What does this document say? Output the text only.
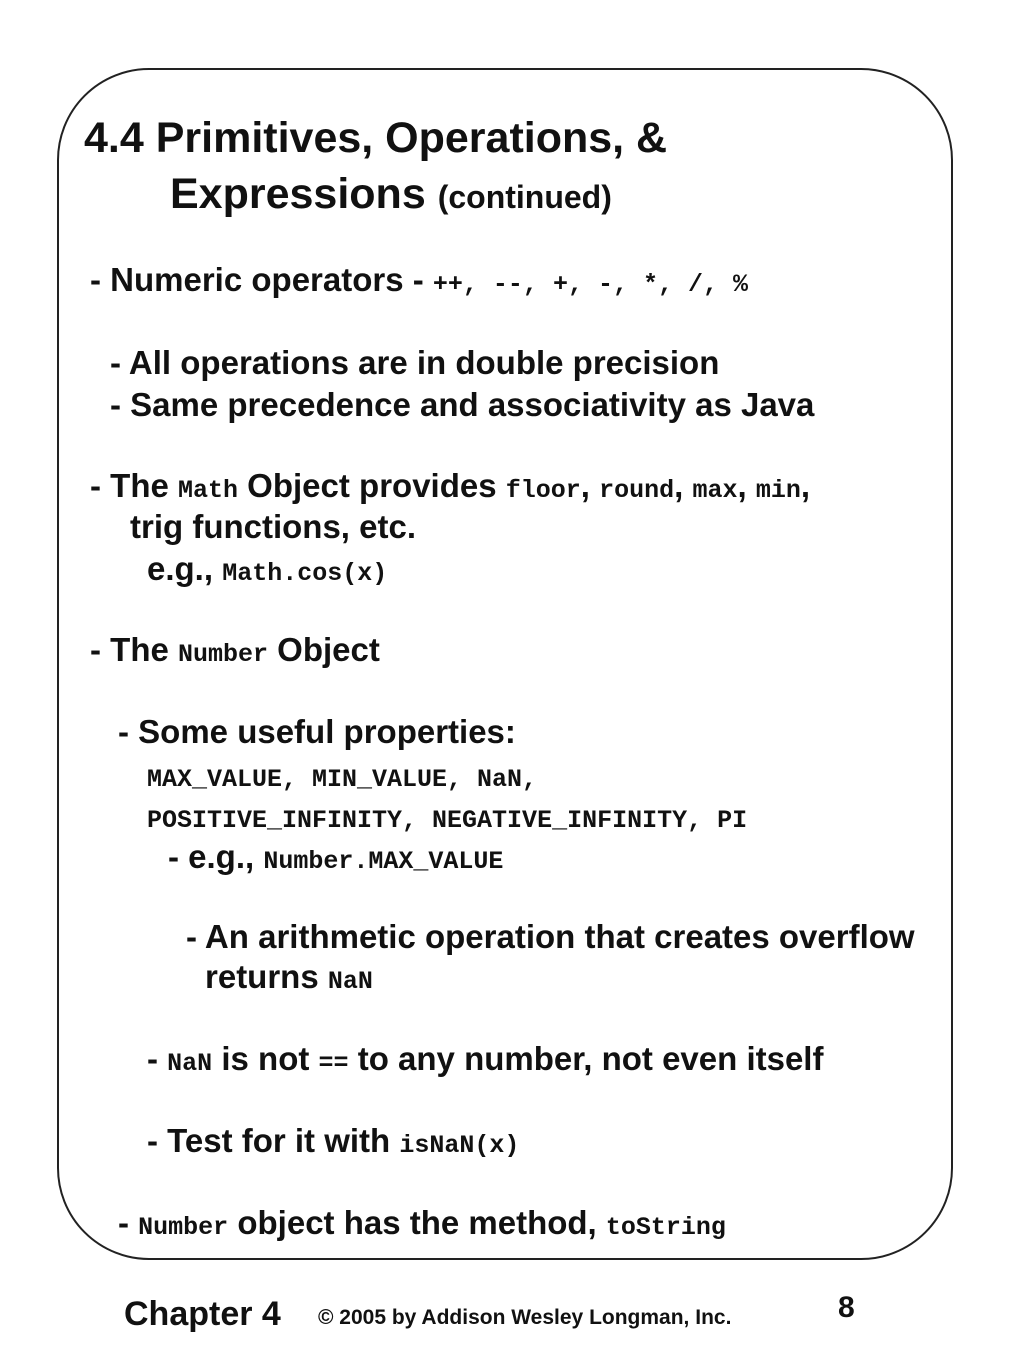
4.4 Primitives, Operations, &
Expressions (continued)
- Numeric operators - ++, --, +, -, *, /, %
- All operations are in double precision
- Same precedence and associativity as Java
- The Math Object provides floor, round, max, min,
trig functions, etc.
e.g., Math.cos(x)
- The Number Object
- Some useful properties:
MAX_VALUE, MIN_VALUE, NaN,
POSITIVE_INFINITY, NEGATIVE_INFINITY, PI
- e.g., Number.MAX_VALUE
- An arithmetic operation that creates overflow
returns NaN
- NaN is not == to any number, not even itself
- Test for it with isNaN(x)
- Number object has the method, toString
Chapter 4 © 2005 by Addison Wesley Longman, Inc.	8
